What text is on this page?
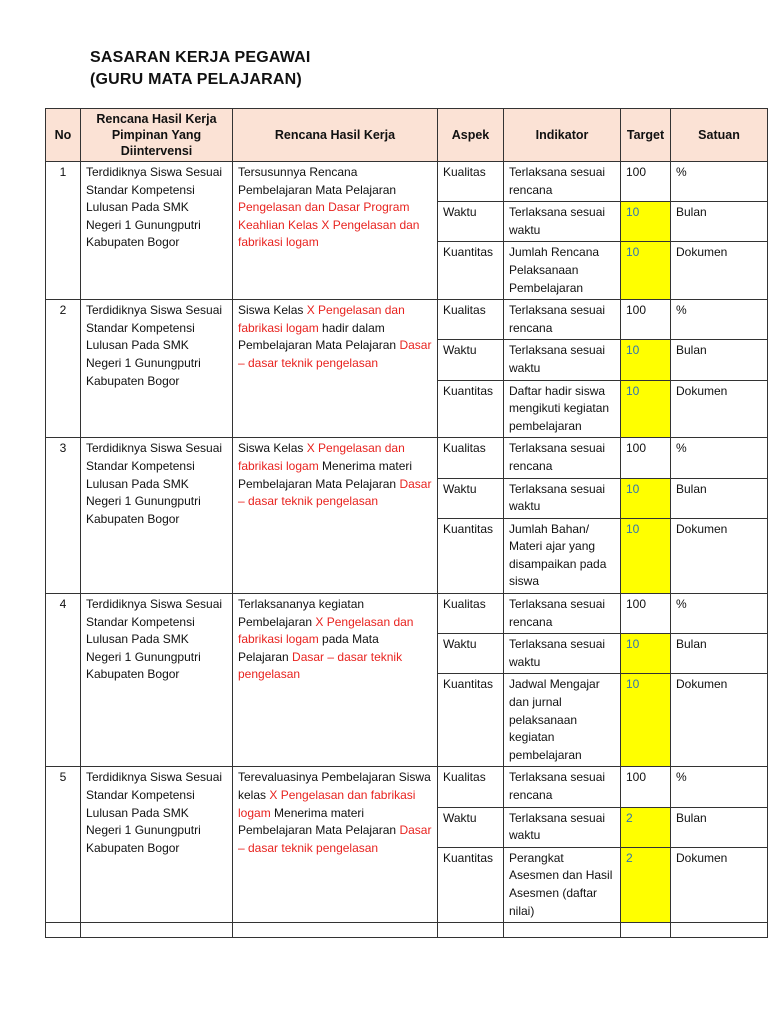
SASARAN KERJA PEGAWAI
(GURU MATA PELAJARAN)
No	Rencana Hasil Kerja Pimpinan Yang Diintervensi	Rencana Hasil Kerja	Aspek	Indikator	Target	Satuan
1	Terdidiknya Siswa Sesuai Standar Kompetensi Lulusan Pada SMK Negeri 1 Gunungputri Kabupaten Bogor	Tersusunnya Rencana Pembelajaran Mata Pelajaran Pengelasan dan Dasar Program Keahlian Kelas X Pengelasan dan fabrikasi logam	Kualitas	Terlaksana sesuai rencana	100	%
			Waktu	Terlaksana sesuai waktu	10	Bulan
			Kuantitas	Jumlah Rencana Pelaksanaan Pembelajaran	10	Dokumen
2	Terdidiknya Siswa Sesuai Standar Kompetensi Lulusan Pada SMK Negeri 1 Gunungputri Kabupaten Bogor	Siswa Kelas X Pengelasan dan fabrikasi logam hadir dalam Pembelajaran Mata Pelajaran Dasar – dasar teknik pengelasan	Kualitas	Terlaksana sesuai rencana	100	%
			Waktu	Terlaksana sesuai waktu	10	Bulan
			Kuantitas	Daftar hadir siswa mengikuti kegiatan pembelajaran	10	Dokumen
3	Terdidiknya Siswa Sesuai Standar Kompetensi Lulusan Pada SMK Negeri 1 Gunungputri Kabupaten Bogor	Siswa Kelas X Pengelasan dan fabrikasi logam Menerima materi Pembelajaran Mata Pelajaran Dasar – dasar teknik pengelasan	Kualitas	Terlaksana sesuai rencana	100	%
			Waktu	Terlaksana sesuai waktu	10	Bulan
			Kuantitas	Jumlah Bahan/ Materi ajar yang disampaikan pada siswa	10	Dokumen
4	Terdidiknya Siswa Sesuai Standar Kompetensi Lulusan Pada SMK Negeri 1 Gunungputri Kabupaten Bogor	Terlaksananya kegiatan Pembelajaran X Pengelasan dan fabrikasi logam pada Mata Pelajaran Dasar – dasar teknik pengelasan	Kualitas	Terlaksana sesuai rencana	100	%
			Waktu	Terlaksana sesuai waktu	10	Bulan
			Kuantitas	Jadwal Mengajar dan jurnal pelaksanaan kegiatan pembelajaran	10	Dokumen
5	Terdidiknya Siswa Sesuai Standar Kompetensi Lulusan Pada SMK Negeri 1 Gunungputri Kabupaten Bogor	Terevaluasinya Pembelajaran Siswa kelas X Pengelasan dan fabrikasi logam Menerima materi Pembelajaran Mata Pelajaran Dasar – dasar teknik pengelasan	Kualitas	Terlaksana sesuai rencana	100	%
			Waktu	Terlaksana sesuai waktu	2	Bulan
			Kuantitas	Perangkat Asesmen dan Hasil Asesmen (daftar nilai)	2	Dokumen
